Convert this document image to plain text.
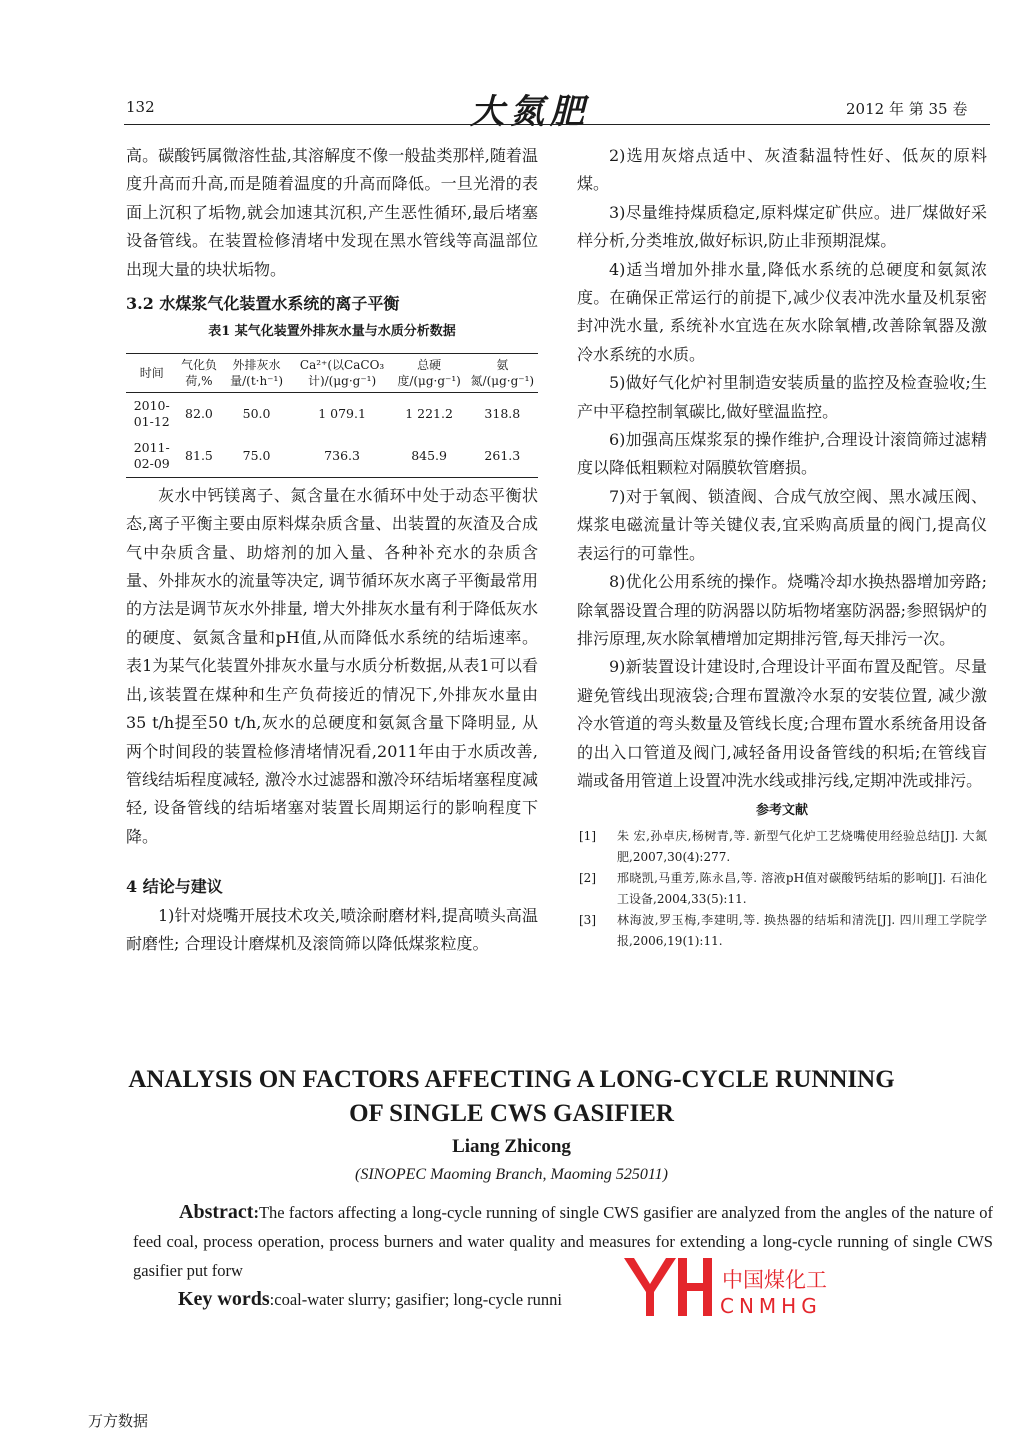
132	大氮肥	2012 年 第 35 卷

高。碳酸钙属微溶性盐,其溶解度不像一般盐类那样,随着温度升高而升高,而是随着温度的升高而降低。一旦光滑的表面上沉积了垢物,就会加速其沉积,产生恶性循环,最后堵塞设备管线。在装置检修清堵中发现在黑水管线等高温部位出现大量的块状垢物。

3.2 水煤浆气化装置水系统的离子平衡

表1 某气化装置外排灰水量与水质分析数据

时间	气化负荷,%	外排灰水量/(t·h⁻¹)	Ca²⁺(以CaCO₃计)/(μg·g⁻¹)	总硬度/(μg·g⁻¹)	氨氮/(μg·g⁻¹)
2010-01-12	82.0	50.0	1 079.1	1 221.2	318.8
2011-02-09	81.5	75.0	736.3	845.9	261.3

灰水中钙镁离子、氮含量在水循环中处于动态平衡状态,离子平衡主要由原料煤杂质含量、出装置的灰渣及合成气中杂质含量、助熔剂的加入量、各种补充水的杂质含量、外排灰水的流量等决定, 调节循环灰水离子平衡最常用的方法是调节灰水外排量, 增大外排灰水量有利于降低灰水的硬度、氨氮含量和pH值,从而降低水系统的结垢速率。表1为某气化装置外排灰水量与水质分析数据,从表1可以看出,该装置在煤种和生产负荷接近的情况下,外排灰水量由35 t/h提至50 t/h,灰水的总硬度和氨氮含量下降明显, 从两个时间段的装置检修清堵情况看,2011年由于水质改善,管线结垢程度减轻, 激冷水过滤器和激冷环结垢堵塞程度减轻, 设备管线的结垢堵塞对装置长周期运行的影响程度下降。

4 结论与建议

1)针对烧嘴开展技术攻关,喷涂耐磨材料,提高喷头高温耐磨性; 合理设计磨煤机及滚筒筛以降低煤浆粒度。

2)选用灰熔点适中、灰渣黏温特性好、低灰的原料煤。

3)尽量维持煤质稳定,原料煤定矿供应。进厂煤做好采样分析,分类堆放,做好标识,防止非预期混煤。

4)适当增加外排水量,降低水系统的总硬度和氨氮浓度。在确保正常运行的前提下,减少仪表冲洗水量及机泵密封冲洗水量, 系统补水宜选在灰水除氧槽,改善除氧器及激冷水系统的水质。

5)做好气化炉衬里制造安装质量的监控及检查验收;生产中平稳控制氧碳比,做好壁温监控。

6)加强高压煤浆泵的操作维护,合理设计滚筒筛过滤精度以降低粗颗粒对隔膜软管磨损。

7)对于氧阀、锁渣阀、合成气放空阀、黑水减压阀、煤浆电磁流量计等关键仪表,宜采购高质量的阀门,提高仪表运行的可靠性。

8)优化公用系统的操作。烧嘴冷却水换热器增加旁路; 除氧器设置合理的防涡器以防垢物堵塞防涡器;参照锅炉的排污原理,灰水除氧槽增加定期排污管,每天排污一次。

9)新装置设计建设时,合理设计平面布置及配管。尽量避免管线出现液袋;合理布置激冷水泵的安装位置, 减少激冷水管道的弯头数量及管线长度;合理布置水系统备用设备的出入口管道及阀门,减轻备用设备管线的积垢;在管线盲端或备用管道上设置冲洗水线或排污线,定期冲洗或排污。

参考文献

[1] 朱 宏,孙卓庆,杨树青,等. 新型气化炉工艺烧嘴使用经验总结[J]. 大氮肥,2007,30(4):277.
[2] 邢晓凯,马重芳,陈永昌,等. 溶液pH值对碳酸钙结垢的影响[J]. 石油化工设备,2004,33(5):11.
[3] 林海波,罗玉梅,李建明,等. 换热器的结垢和清洗[J]. 四川理工学院学报,2006,19(1):11.
ANALYSIS ON FACTORS AFFECTING A LONG-CYCLE RUNNING
OF SINGLE CWS GASIFIER
Liang Zhicong
(SINOPEC Maoming Branch, Maoming 525011)
Abstract:The factors affecting a long-cycle running of single CWS gasifier are analyzed from the angles of the nature of feed coal, process operation, process burners and water quality and measures for extending a long-cycle running of single CWS gasifier put forw
Key words:coal-water slurry; gasifier; long-cycle runni
中国煤化工
CNMHG
万方数据
